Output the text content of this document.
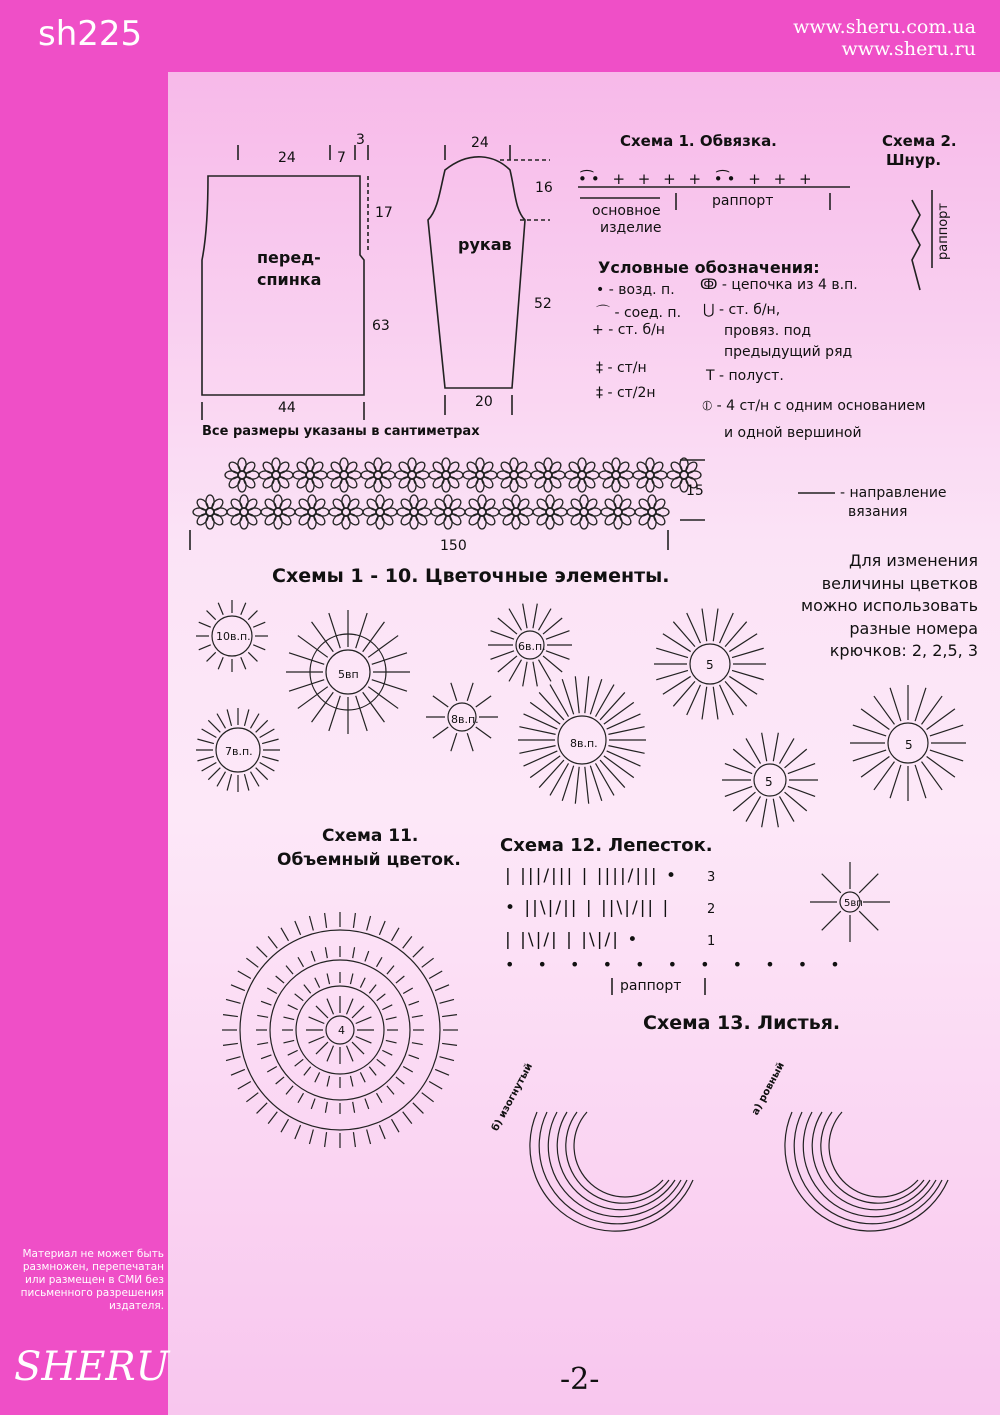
sh225	www.sheru.com.ua
www.sheru.ru
Материал не может быть размножен, перепечатан или размещен в СМИ без письменного разрешения издателя.
SHERU	-2-
24	7
3
17
63
44
перед-
спинка
рукав
24
16
52
20
Все размеры указаны в сантиметрах
Схема 1. Обвязка.
•͡• + + + + •͡• + + +
основное
изделие
раппорт
Схема 2.
Шнур.
раппорт
Условные обозначения:
• - возд. п.
⌒ - соед. п.
+ - ст. б/н
‡ - ст/н
‡ - ст/2н
ↂ - цепочка из 4 в.п.
⋃ - ст. б/н,
провяз. под
предыдущий ряд
T - полуст.
⦶ - 4 ст/н с одним основанием
и одной вершиной
15
150
- направление
вязания
Схемы 1 - 10. Цветочные элементы.
Для изменения
величины цветков
можно использовать
разные номера
крючков: 2, 2,5, 3
10в.п.
5вп
6в.п.
5
7в.п.
8в.п.
8в.п.
5
5
Схема 11.
Объемный цветок.
4
Схема 12. Лепесток.
| |||/||| | ||||/||| •
• ||\|/|| | ||\|/|| |
| |\|/| | |\|/| •
• • • • • • • • • • •
3
2
1
раппорт
5вп
Схема 13. Листья.
б) изогнутый	а) ровный
